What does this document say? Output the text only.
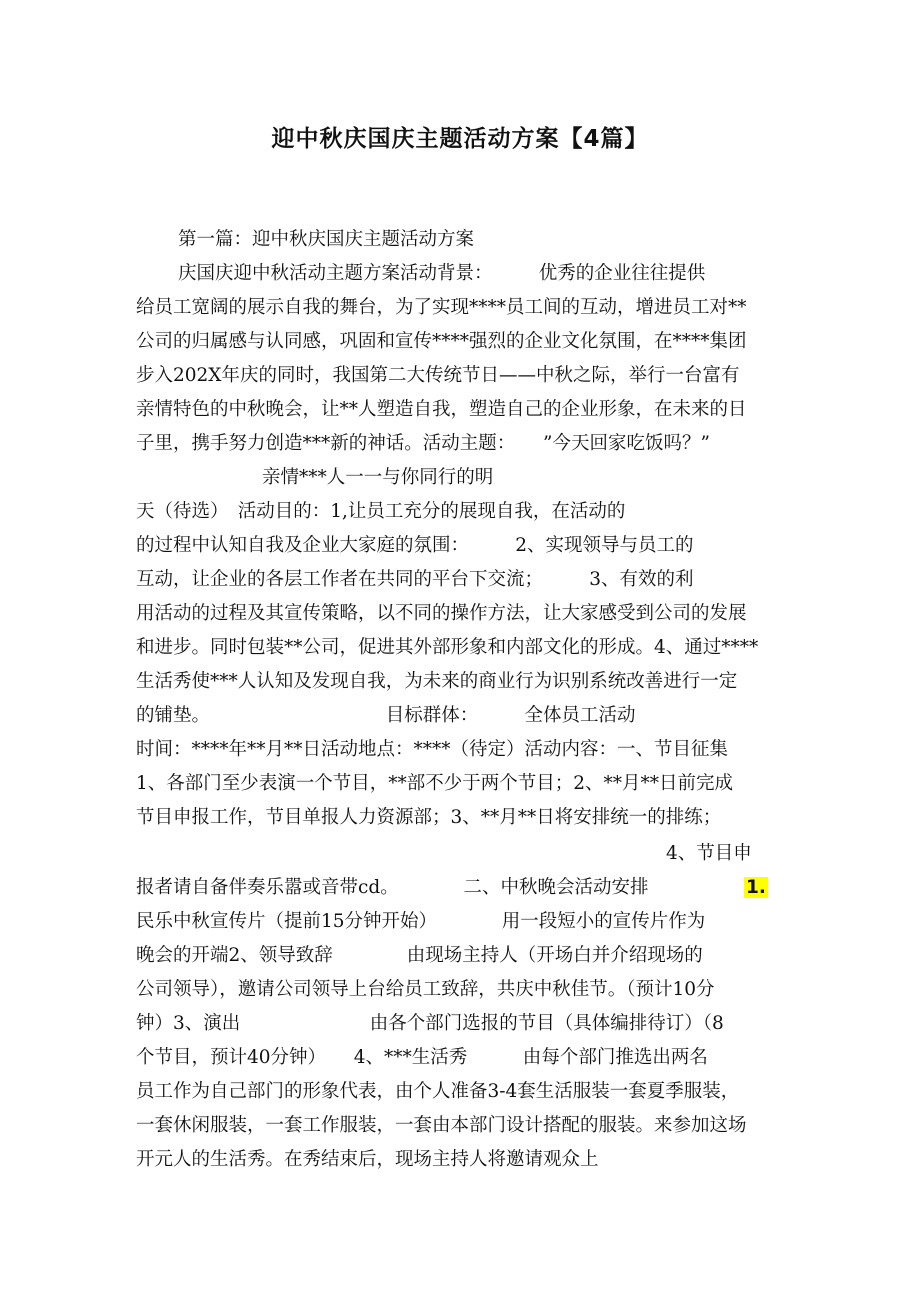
迎中秋庆国庆主题活动方案【4篇】
第一篇：迎中秋庆国庆主题活动方案
庆国庆迎中秋活动主题方案活动背景：　　　优秀的企业往往提供
给员工宽阔的展示自我的舞台，为了实现****员工间的互动，增进员工对**
公司的归属感与认同感，巩固和宣传****强烈的企业文化氛围，在****集团
步入202X年庆的同时，我国第二大传统节日——中秋之际，举行一台富有
亲情特色的中秋晚会，让**人塑造自我，塑造自己的企业形象，在未来的日
子里，携手努力创造***新的神话。活动主题：　　”今天回家吃饭吗？”
亲情***人一一与你同行的明
天（待选）　活动目的：1,让员工充分的展现自我，在活动的
的过程中认知自我及企业大家庭的氛围：　　　2、实现领导与员工的
互动，让企业的各层工作者在共同的平台下交流；　　　3、有效的利
用活动的过程及其宣传策略，以不同的操作方法，让大家感受到公司的发展
和进步。同时包装**公司，促进其外部形象和内部文化的形成。4、通过****
生活秀使***人认知及发现自我，为未来的商业行为识别系统改善进行一定
的铺垫。　　　　　　　　　　目标群体：　　　全体员工活动
时间：****年**月**日活动地点：****（待定）活动内容：一、节目征集
1、各部门至少表演一个节目，**部不少于两个节目；2、**月**日前完成
节目申报工作，节目单报人力资源部；3、**月**日将安排统一的排练；
4、节目申
报者请自备伴奏乐嚣或音带cd。　　　　二、中秋晚会活动安排	1.
民乐中秋宣传片（提前15分钟开始）　　　　用一段短小的宣传片作为
晚会的开端2、领导致辞　　　　由现场主持人（开场白并介绍现场的
公司领导），邀请公司领导上台给员工致辞，共庆中秋佳节。（预计10分
钟）3、演出　　　　　　　由各个部门选报的节目（具体编排待订）（8
个节目，预计40分钟）　　4、***生活秀　　　由每个部门推选出两名
员工作为自己部门的形象代表，由个人准备3-4套生活服装一套夏季服装，
一套休闲服装，一套工作服装，一套由本部门设计搭配的服装。来参加这场
开元人的生活秀。在秀结束后，现场主持人将邀请观众上
